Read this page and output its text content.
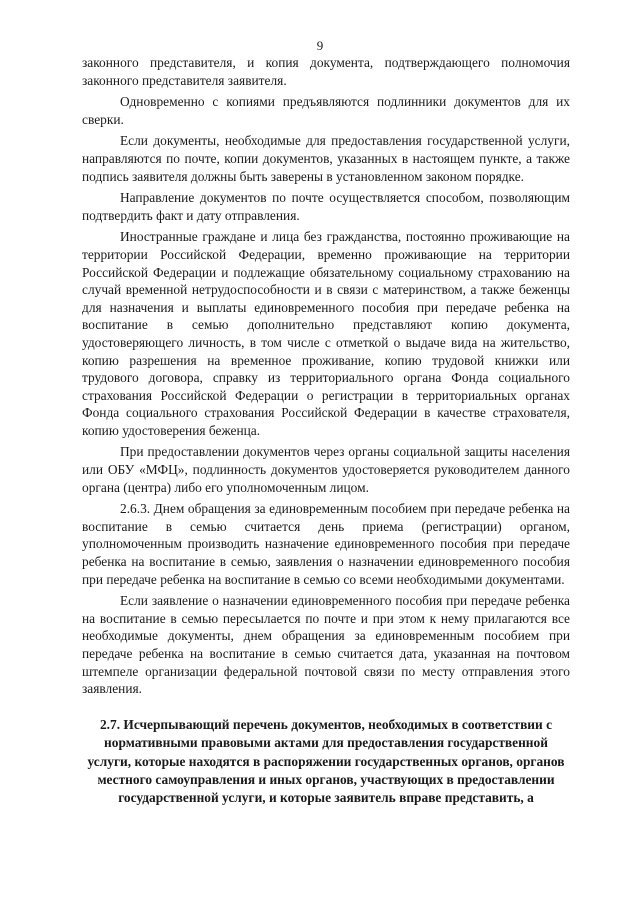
9

законного представителя, и копия документа, подтверждающего полномочия законного представителя заявителя.

Одновременно с копиями предъявляются подлинники документов для их сверки.

Если документы, необходимые для предоставления государственной услуги, направляются по почте, копии документов, указанных в настоящем пункте, а также подпись заявителя должны быть заверены в установленном законом порядке.

Направление документов по почте осуществляется способом, позволяющим подтвердить факт и дату отправления.

Иностранные граждане и лица без гражданства, постоянно проживающие на территории Российской Федерации, временно проживающие на территории Российской Федерации и подлежащие обязательному социальному страхованию на случай временной нетрудоспособности и в связи с материнством, а также беженцы для назначения и выплаты единовременного пособия при передаче ребенка на воспитание в семью дополнительно представляют копию документа, удостоверяющего личность, в том числе с отметкой о выдаче вида на жительство, копию разрешения на временное проживание, копию трудовой книжки или трудового договора, справку из территориального органа Фонда социального страхования Российской Федерации о регистрации в территориальных органах Фонда социального страхования Российской Федерации в качестве страхователя, копию удостоверения беженца.

При предоставлении документов через органы социальной защиты населения или ОБУ «МФЦ», подлинность документов удостоверяется руководителем данного органа (центра) либо его уполномоченным лицом.

2.6.3. Днем обращения за единовременным пособием при передаче ребенка на воспитание в семью считается день приема (регистрации) органом, уполномоченным производить назначение единовременного пособия при передаче ребенка на воспитание в семью, заявления о назначении единовременного пособия при передаче ребенка на воспитание в семью со всеми необходимыми документами.

Если заявление о назначении единовременного пособия при передаче ребенка на воспитание в семью пересылается по почте и при этом к нему прилагаются все необходимые документы, днем обращения за единовременным пособием при передаче ребенка на воспитание в семью считается дата, указанная на почтовом штемпеле организации федеральной почтовой связи по месту отправления этого заявления.

2.7. Исчерпывающий перечень документов, необходимых в соответствии с нормативными правовыми актами для предоставления государственной услуги, которые находятся в распоряжении государственных органов, органов местного самоуправления и иных органов, участвующих в предоставлении государственной услуги, и которые заявитель вправе представить, а
